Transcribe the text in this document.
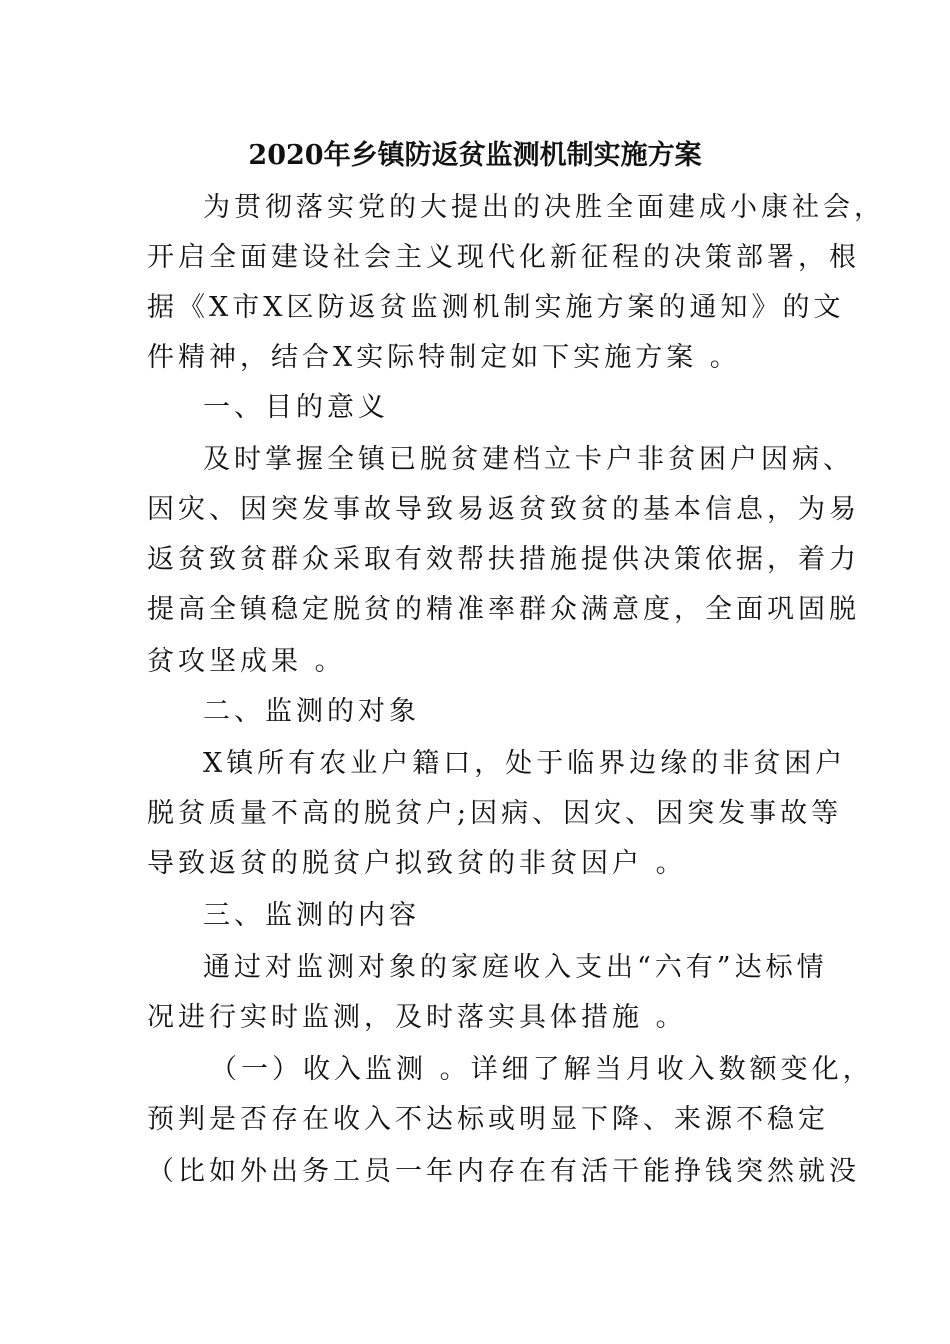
2020年乡镇防返贫监测机制实施方案
为贯彻落实党的大提出的决胜全面建成小康社会，
开启全面建设社会主义现代化新征程的决策部署，根
据《X市X区防返贫监测机制实施方案的通知》的文
件精神，结合X实际特制定如下实施方案 。
一、目的意义
及时掌握全镇已脱贫建档立卡户非贫困户因病、
因灾、因突发事故导致易返贫致贫的基本信息，为易
返贫致贫群众采取有效帮扶措施提供决策依据，着力
提高全镇稳定脱贫的精准率群众满意度，全面巩固脱
贫攻坚成果 。
二、监测的对象
X镇所有农业户籍口，处于临界边缘的非贫困户
脱贫质量不高的脱贫户;因病、因灾、因突发事故等
导致返贫的脱贫户拟致贫的非贫因户 。
三、监测的内容
通过对监测对象的家庭收入支出“六有”达标情
况进行实时监测，及时落实具体措施 。
（一）收入监测 。详细了解当月收入数额变化，
预判是否存在收入不达标或明显下降、来源不稳定
（比如外出务工员一年内存在有活干能挣钱突然就没
